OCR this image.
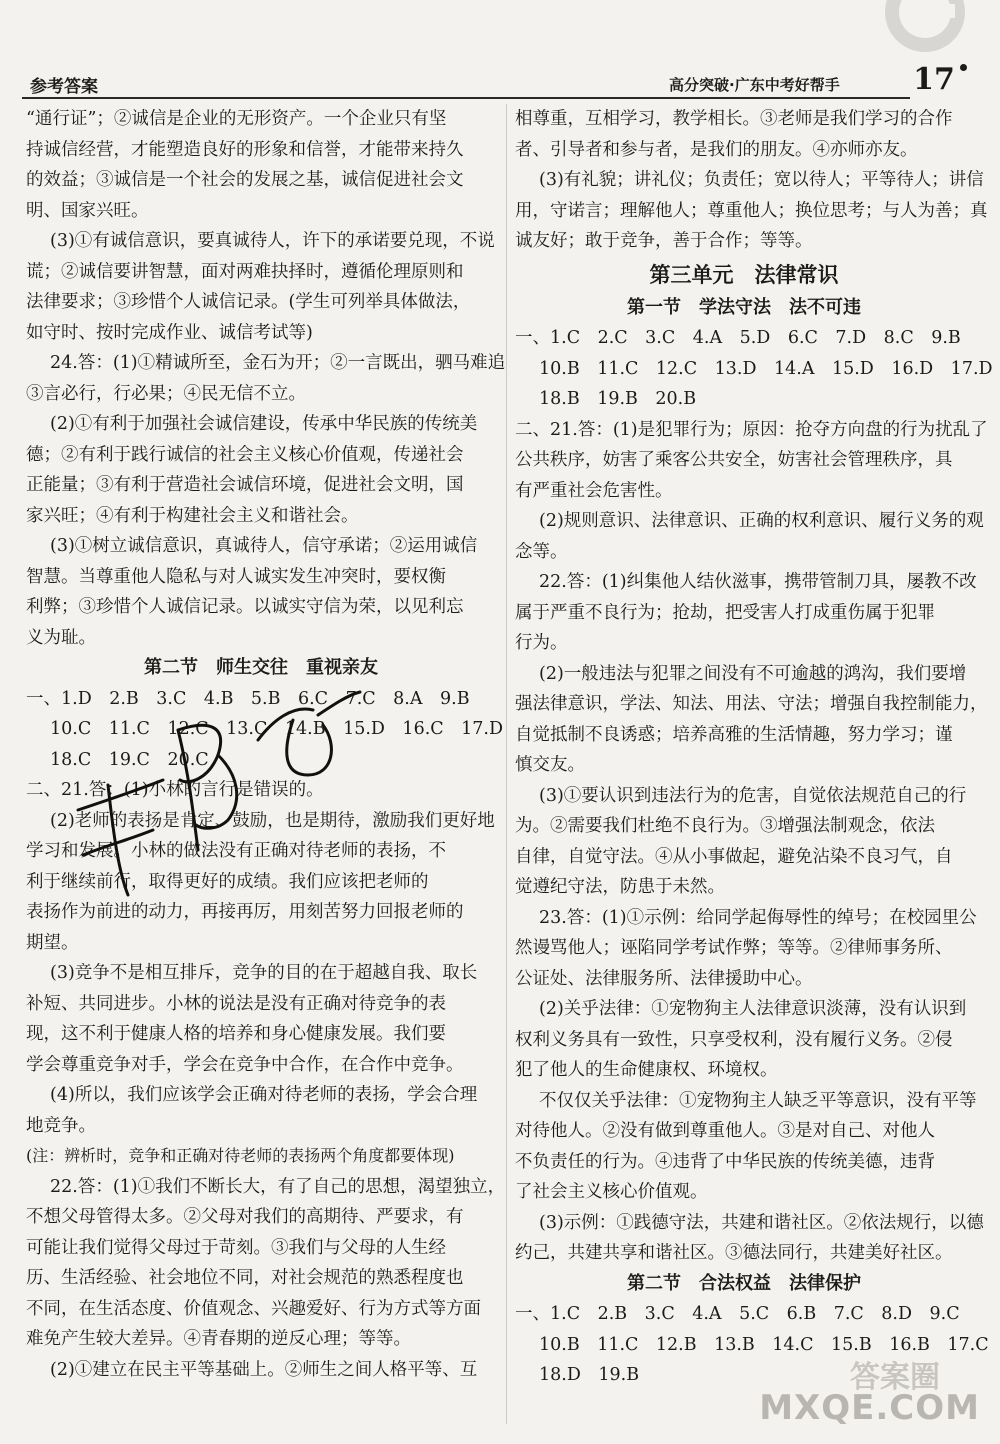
参考答案	高分突破·广东中考好帮手	17
“通行证”；②诚信是企业的无形资产。一个企业只有坚
持诚信经营，才能塑造良好的形象和信誉，才能带来持久
的效益；③诚信是一个社会的发展之基，诚信促进社会文
明、国家兴旺。
(3)①有诚信意识，要真诚待人，许下的承诺要兑现，不说
谎；②诚信要讲智慧，面对两难抉择时，遵循伦理原则和
法律要求；③珍惜个人诚信记录。(学生可列举具体做法，
如守时、按时完成作业、诚信考试等)
24.答：(1)①精诚所至，金石为开；②一言既出，驷马难追
③言必行，行必果；④民无信不立。
(2)①有利于加强社会诚信建设，传承中华民族的传统美
德；②有利于践行诚信的社会主义核心价值观，传递社会
正能量；③有利于营造社会诚信环境，促进社会文明，国
家兴旺；④有利于构建社会主义和谐社会。
(3)①树立诚信意识，真诚待人，信守承诺；②运用诚信
智慧。当尊重他人隐私与对人诚实发生冲突时，要权衡
利弊；③珍惜个人诚信记录。以诚实守信为荣，以见利忘
义为耻。
第二节　师生交往　重视亲友
一、1.D　2.B　3.C　4.B　5.B　6.C　7.C　8.A　9.B
10.C　11.C　12.C　13.C　14.B　15.D　16.C　17.D
18.C　19.C　20.C
二、21.答：(1)小林的言行是错误的。
(2)老师的表扬是肯定、鼓励，也是期待，激励我们更好地
学习和发展。小林的做法没有正确对待老师的表扬，不
利于继续前行，取得更好的成绩。我们应该把老师的
表扬作为前进的动力，再接再厉，用刻苦努力回报老师的
期望。
(3)竞争不是相互排斥，竞争的目的在于超越自我、取长
补短、共同进步。小林的说法是没有正确对待竞争的表
现，这不利于健康人格的培养和身心健康发展。我们要
学会尊重竞争对手，学会在竞争中合作，在合作中竞争。
(4)所以，我们应该学会正确对待老师的表扬，学会合理
地竞争。
(注：辨析时，竞争和正确对待老师的表扬两个角度都要体现)
22.答：(1)①我们不断长大，有了自己的思想，渴望独立，
不想父母管得太多。②父母对我们的高期待、严要求，有
可能让我们觉得父母过于苛刻。③我们与父母的人生经
历、生活经验、社会地位不同，对社会规范的熟悉程度也
不同，在生活态度、价值观念、兴趣爱好、行为方式等方面
难免产生较大差异。④青春期的逆反心理；等等。
(2)①建立在民主平等基础上。②师生之间人格平等、互
相尊重，互相学习，教学相长。③老师是我们学习的合作
者、引导者和参与者，是我们的朋友。④亦师亦友。
(3)有礼貌；讲礼仪；负责任；宽以待人；平等待人；讲信
用，守诺言；理解他人；尊重他人；换位思考；与人为善；真
诚友好；敢于竞争，善于合作；等等。
第三单元　法律常识
第一节　学法守法　法不可违
一、1.C　2.C　3.C　4.A　5.D　6.C　7.D　8.C　9.B
10.B　11.C　12.C　13.D　14.A　15.D　16.D　17.D
18.B　19.B　20.B
二、21.答：(1)是犯罪行为；原因：抢夺方向盘的行为扰乱了
公共秩序，妨害了乘客公共安全，妨害社会管理秩序，具
有严重社会危害性。
(2)规则意识、法律意识、正确的权利意识、履行义务的观
念等。
22.答：(1)纠集他人结伙滋事，携带管制刀具，屡教不改
属于严重不良行为；抢劫，把受害人打成重伤属于犯罪
行为。
(2)一般违法与犯罪之间没有不可逾越的鸿沟，我们要增
强法律意识，学法、知法、用法、守法；增强自我控制能力，
自觉抵制不良诱惑；培养高雅的生活情趣，努力学习；谨
慎交友。
(3)①要认识到违法行为的危害，自觉依法规范自己的行
为。②需要我们杜绝不良行为。③增强法制观念，依法
自律，自觉守法。④从小事做起，避免沾染不良习气，自
觉遵纪守法，防患于未然。
23.答：(1)①示例：给同学起侮辱性的绰号；在校园里公
然谩骂他人；诬陷同学考试作弊；等等。②律师事务所、
公证处、法律服务所、法律援助中心。
(2)关乎法律：①宠物狗主人法律意识淡薄，没有认识到
权利义务具有一致性，只享受权利，没有履行义务。②侵
犯了他人的生命健康权、环境权。
不仅仅关乎法律：①宠物狗主人缺乏平等意识，没有平等
对待他人。②没有做到尊重他人。③是对自己、对他人
不负责任的行为。④违背了中华民族的传统美德，违背
了社会主义核心价值观。
(3)示例：①践德守法，共建和谐社区。②依法规行，以德
约己，共建共享和谐社区。③德法同行，共建美好社区。
第二节　合法权益　法律保护
一、1.C　2.B　3.C　4.A　5.C　6.B　7.C　8.D　9.C
10.B　11.C　12.B　13.B　14.C　15.B　16.B　17.C
18.D　19.B	答案圈
MXQE.COM
